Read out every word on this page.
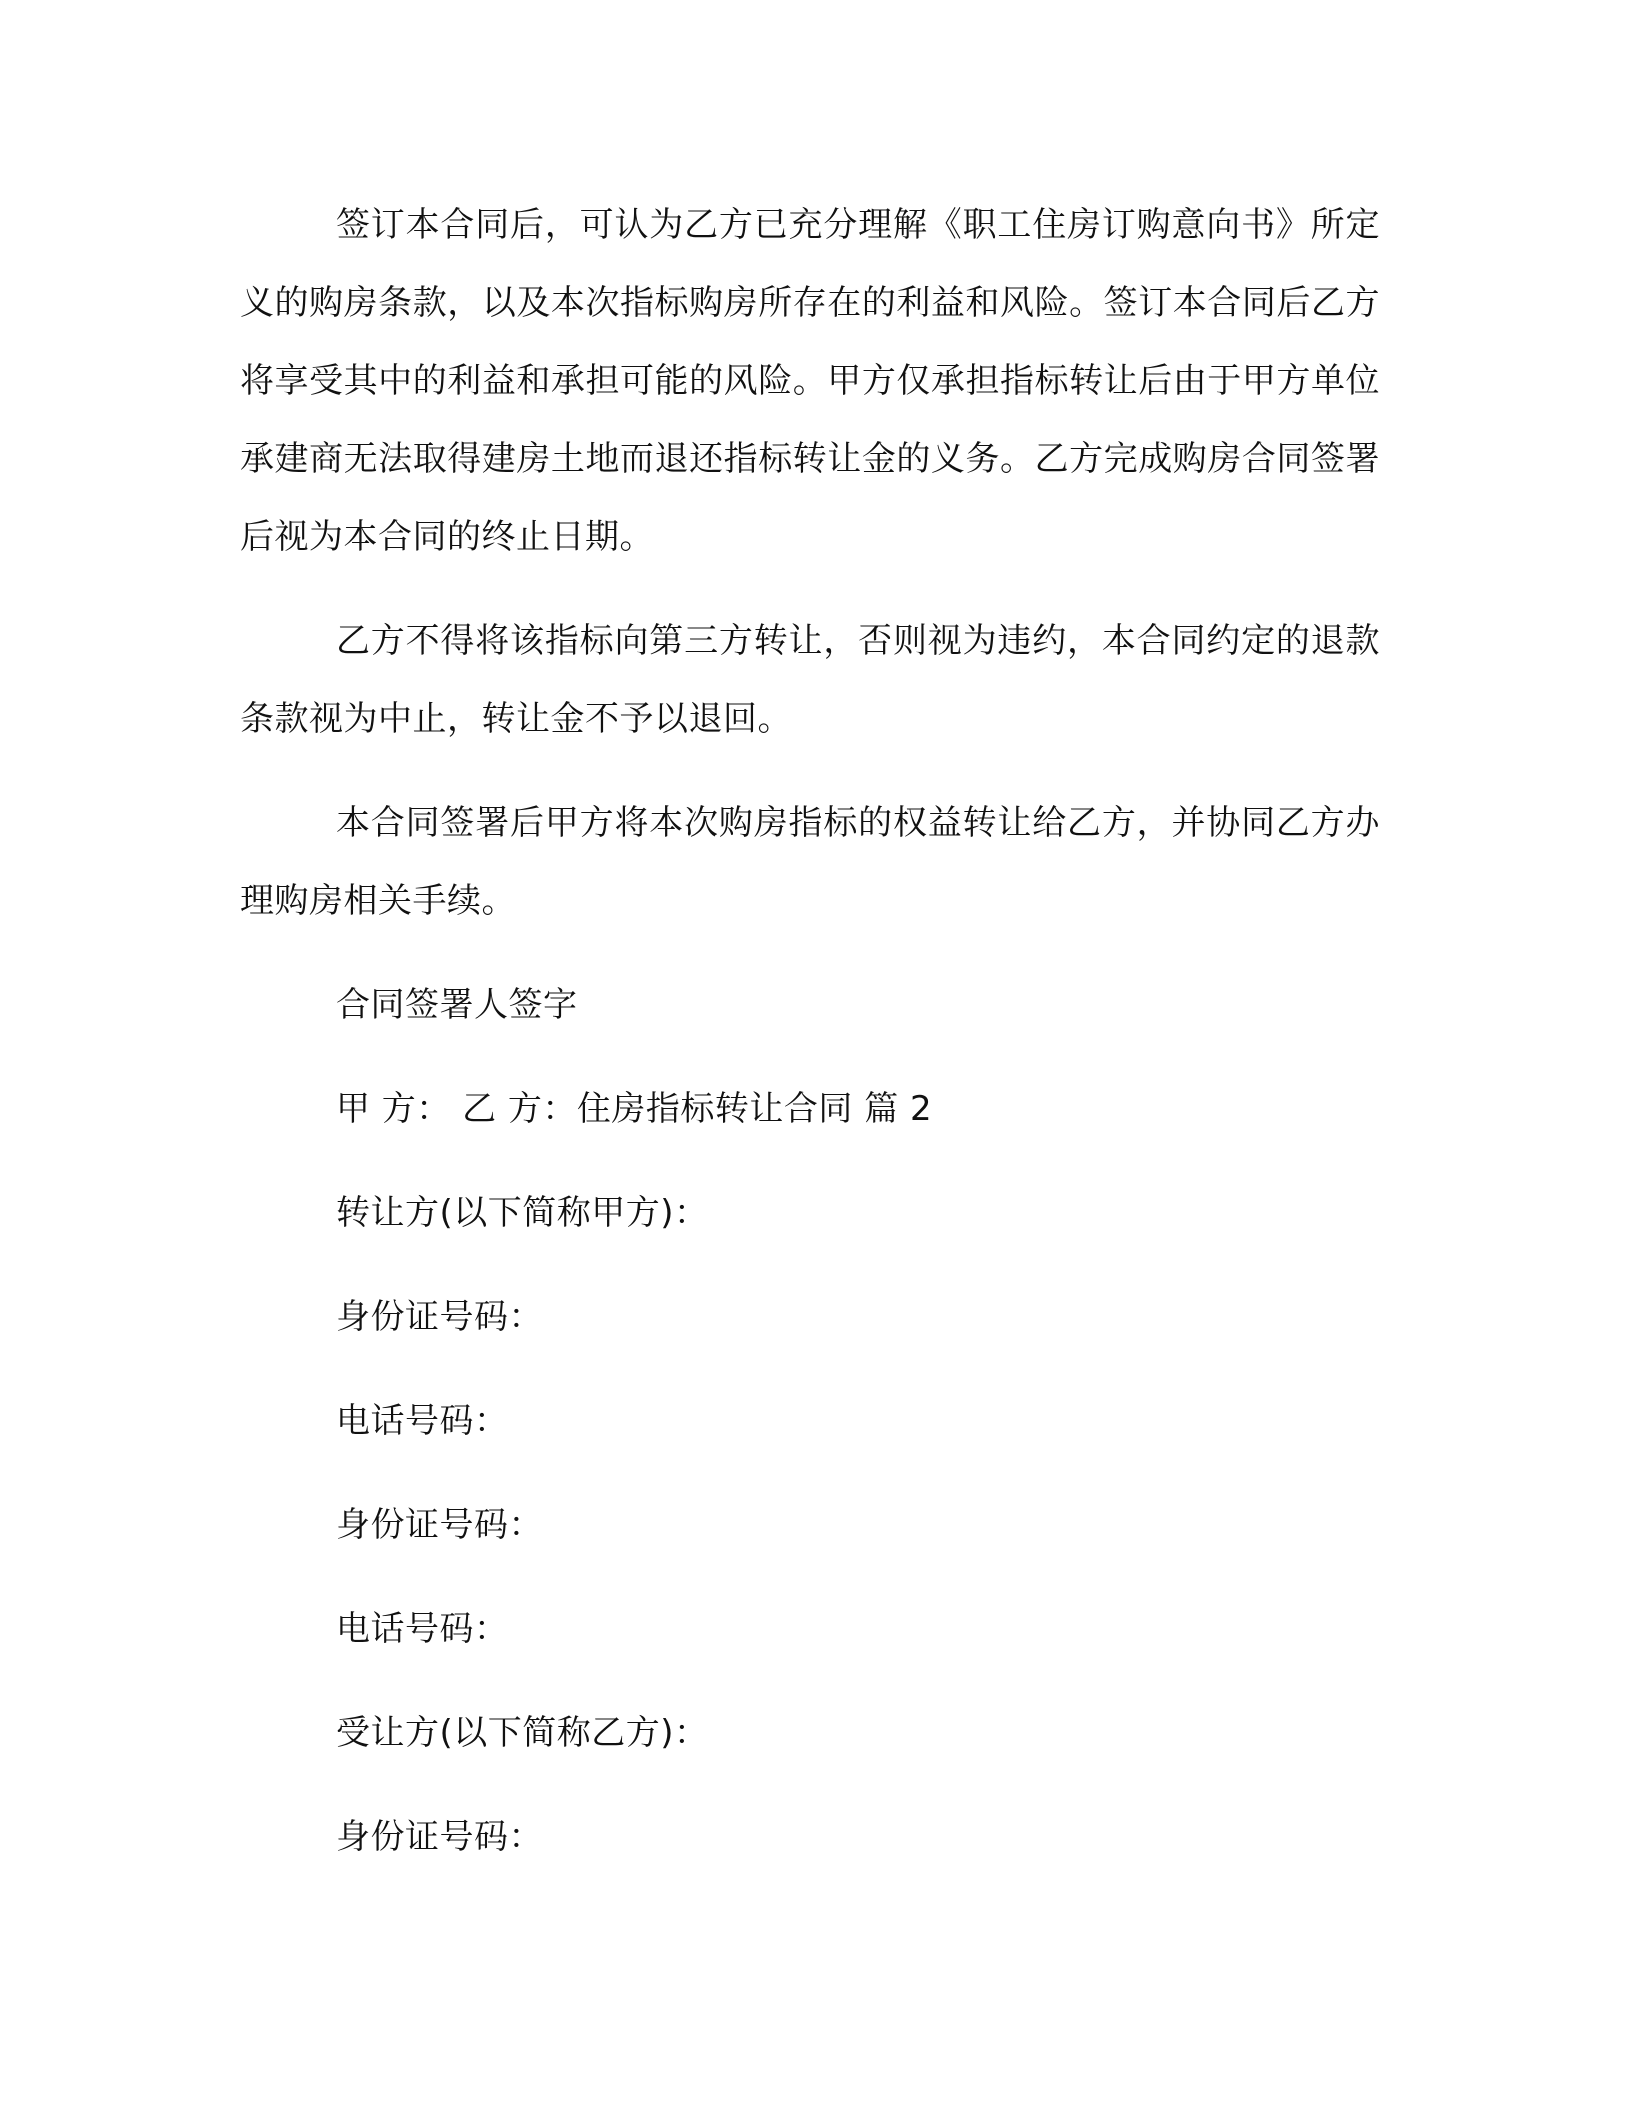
签订本合同后，可认为乙方已充分理解《职工住房订购意向书》所定义的购房条款，以及本次指标购房所存在的利益和风险。签订本合同后乙方将享受其中的利益和承担可能的风险。甲方仅承担指标转让后由于甲方单位承建商无法取得建房土地而退还指标转让金的义务。乙方完成购房合同签署后视为本合同的终止日期。

乙方不得将该指标向第三方转让，否则视为违约，本合同约定的退款条款视为中止，转让金不予以退回。

本合同签署后甲方将本次购房指标的权益转让给乙方，并协同乙方办理购房相关手续。

合同签署人签字

甲 方： 乙 方：住房指标转让合同 篇 2

转让方(以下简称甲方)：

身份证号码：

电话号码：

身份证号码：

电话号码：

受让方(以下简称乙方)：

身份证号码：
